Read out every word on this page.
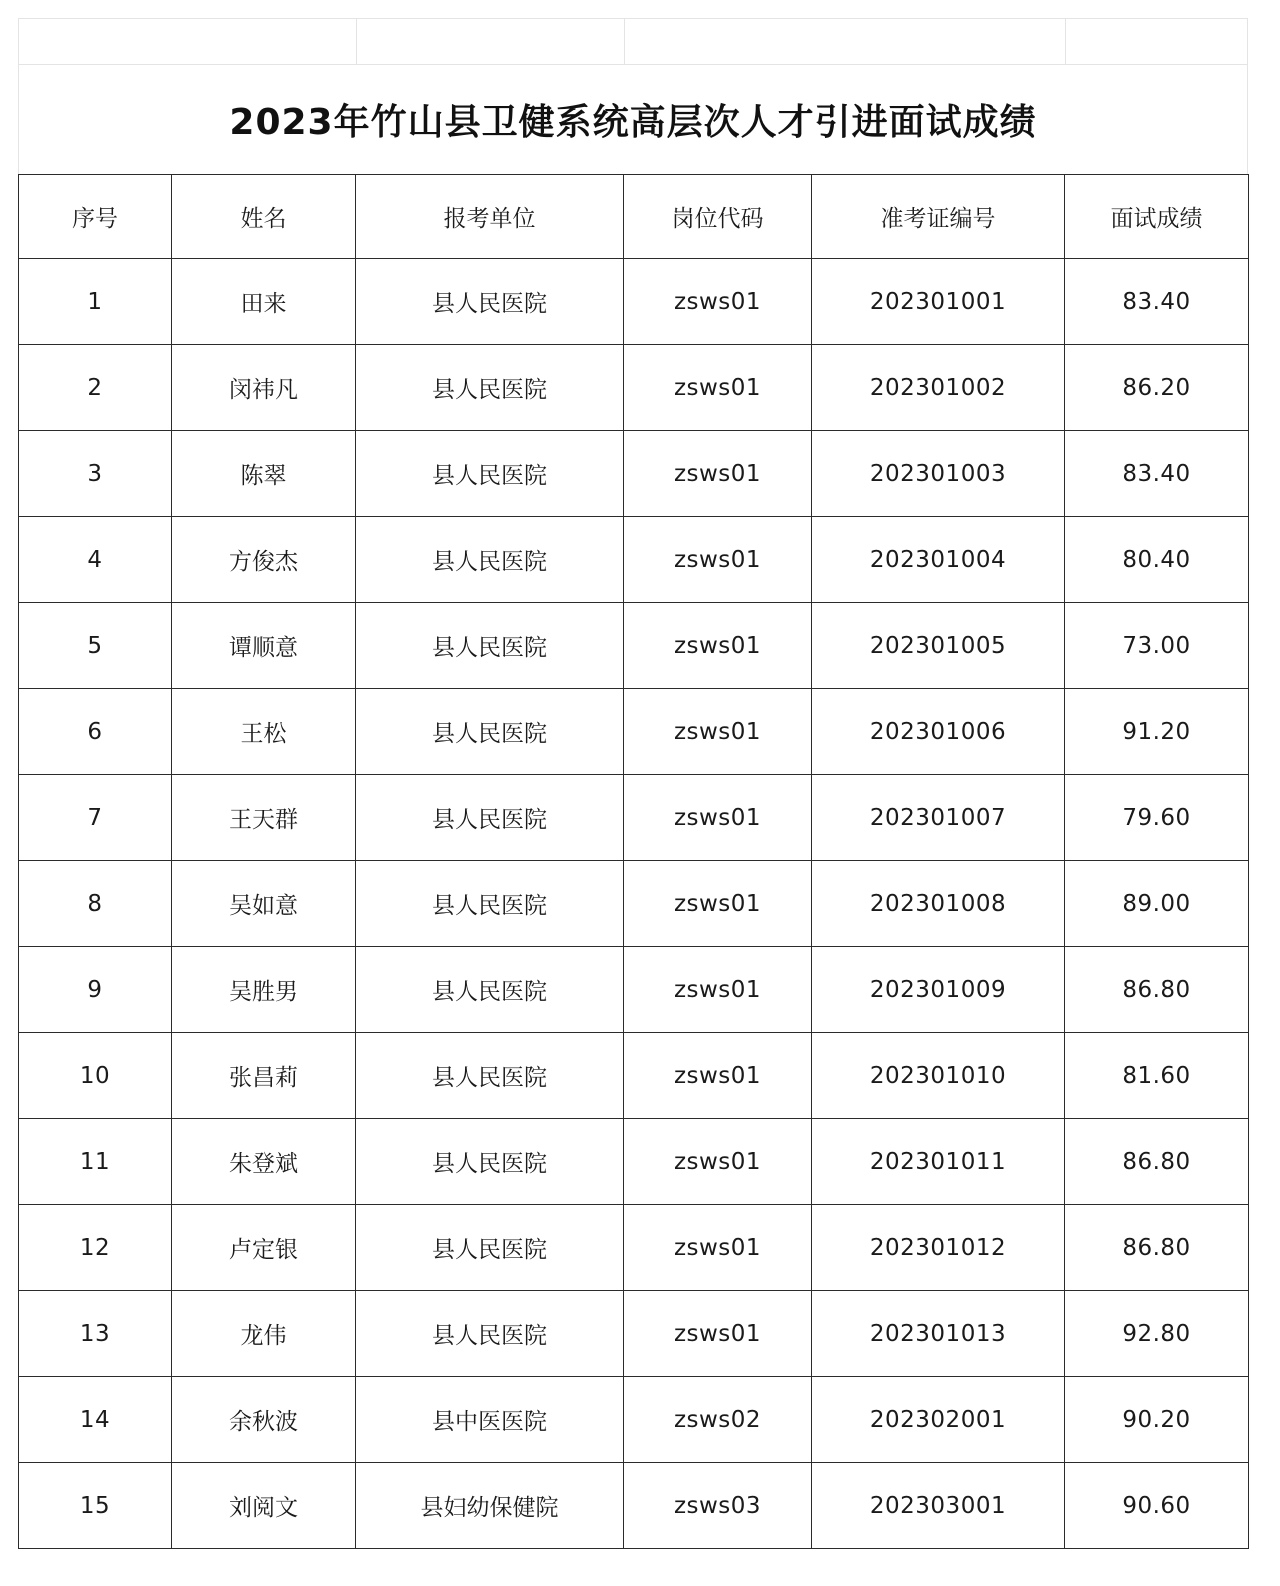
2023年竹山县卫健系统高层次人才引进面试成绩
序号	姓名	报考单位	岗位代码	准考证编号	面试成绩
1	田来	县人民医院	zsws01	202301001	83.40
2	闵祎凡	县人民医院	zsws01	202301002	86.20
3	陈翠	县人民医院	zsws01	202301003	83.40
4	方俊杰	县人民医院	zsws01	202301004	80.40
5	谭顺意	县人民医院	zsws01	202301005	73.00
6	王松	县人民医院	zsws01	202301006	91.20
7	王天群	县人民医院	zsws01	202301007	79.60
8	吴如意	县人民医院	zsws01	202301008	89.00
9	吴胜男	县人民医院	zsws01	202301009	86.80
10	张昌莉	县人民医院	zsws01	202301010	81.60
11	朱登斌	县人民医院	zsws01	202301011	86.80
12	卢定银	县人民医院	zsws01	202301012	86.80
13	龙伟	县人民医院	zsws01	202301013	92.80
14	余秋波	县中医医院	zsws02	202302001	90.20
15	刘阅文	县妇幼保健院	zsws03	202303001	90.60
